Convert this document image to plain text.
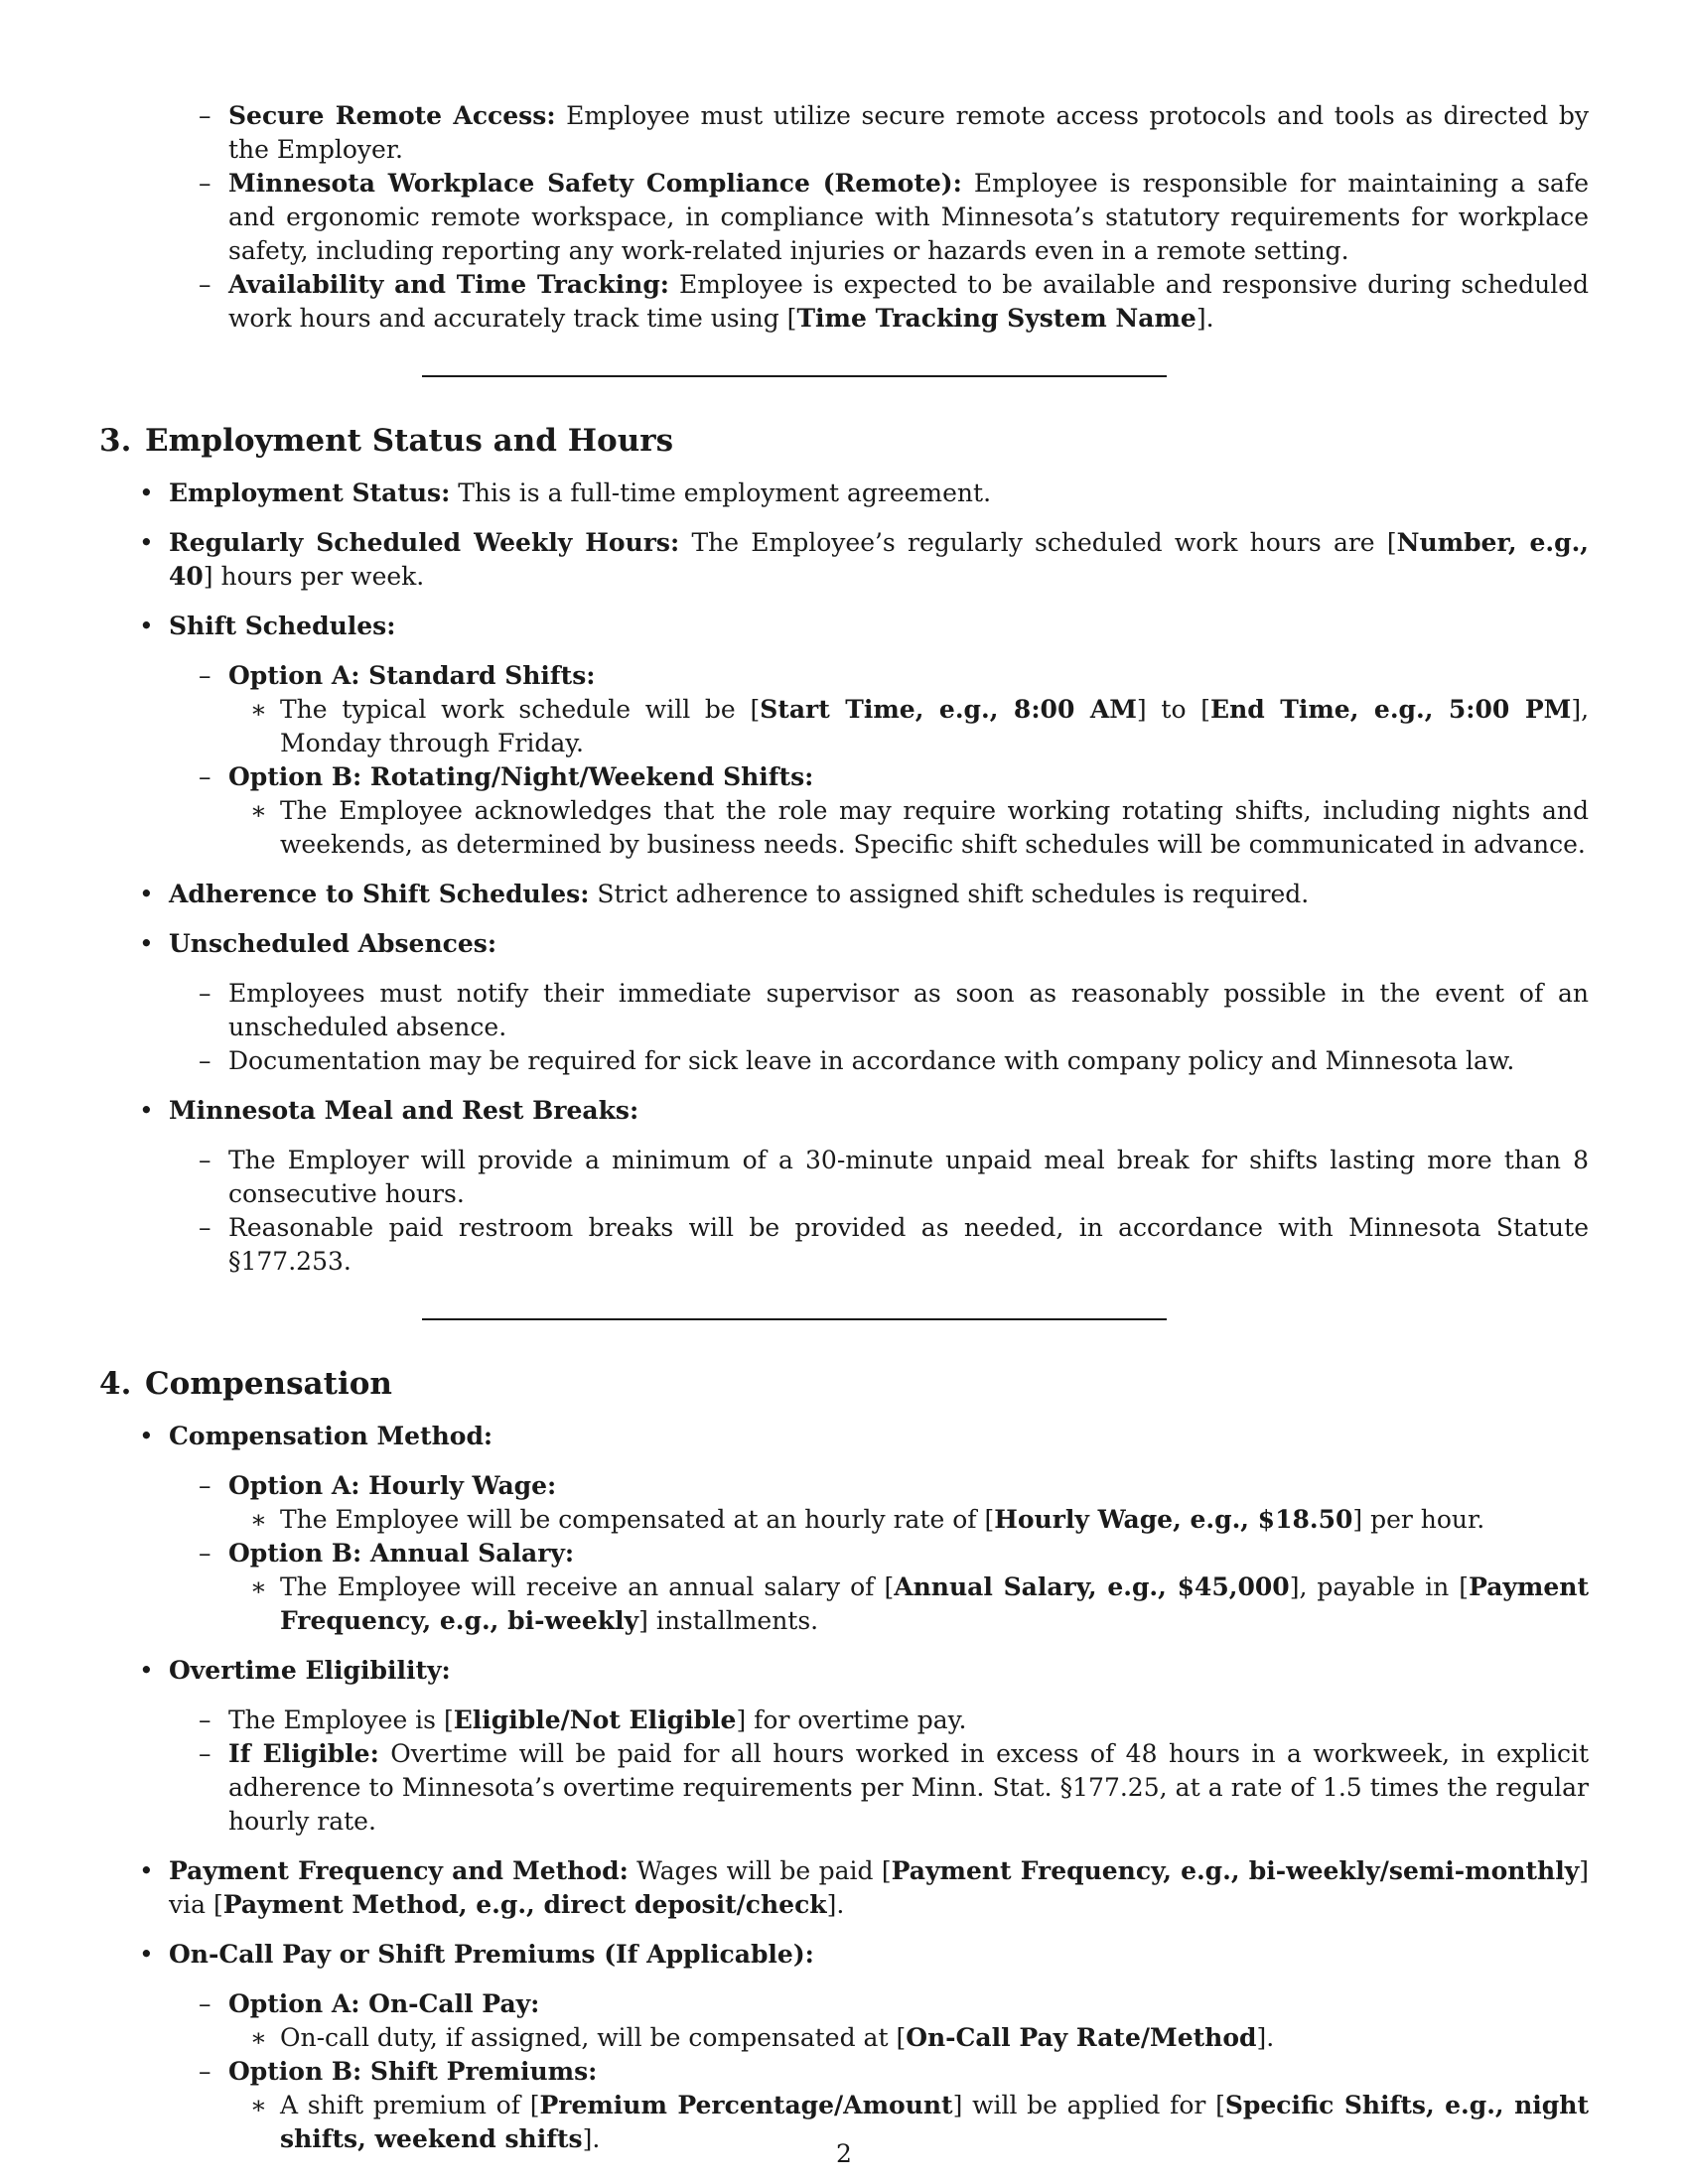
– Secure Remote Access: Employee must utilize secure remote access protocols and tools as directed by the Employer.
– Minnesota Workplace Safety Compliance (Remote): Employee is responsible for maintaining a safe and ergonomic remote workspace, in compliance with Minnesota’s statutory requirements for workplace safety, including reporting any work-related injuries or hazards even in a remote setting.
– Availability and Time Tracking: Employee is expected to be available and responsive during scheduled work hours and accurately track time using [Time Tracking System Name].
3. Employment Status and Hours
• Employment Status: This is a full-time employment agreement.
• Regularly Scheduled Weekly Hours: The Employee’s regularly scheduled work hours are [Number, e.g., 40] hours per week.
• Shift Schedules:
– Option A: Standard Shifts:
∗ The typical work schedule will be [Start Time, e.g., 8:00 AM] to [End Time, e.g., 5:00 PM], Monday through Friday.
– Option B: Rotating/Night/Weekend Shifts:
∗ The Employee acknowledges that the role may require working rotating shifts, including nights and weekends, as determined by business needs. Specific shift schedules will be communicated in advance.
• Adherence to Shift Schedules: Strict adherence to assigned shift schedules is required.
• Unscheduled Absences:
– Employees must notify their immediate supervisor as soon as reasonably possible in the event of an unscheduled absence.
– Documentation may be required for sick leave in accordance with company policy and Minnesota law.
• Minnesota Meal and Rest Breaks:
– The Employer will provide a minimum of a 30-minute unpaid meal break for shifts lasting more than 8 consecutive hours.
– Reasonable paid restroom breaks will be provided as needed, in accordance with Minnesota Statute §177.253.
4. Compensation
• Compensation Method:
– Option A: Hourly Wage:
∗ The Employee will be compensated at an hourly rate of [Hourly Wage, e.g., $18.50] per hour.
– Option B: Annual Salary:
∗ The Employee will receive an annual salary of [Annual Salary, e.g., $45,000], payable in [Payment Frequency, e.g., bi-weekly] installments.
• Overtime Eligibility:
– The Employee is [Eligible/Not Eligible] for overtime pay.
– If Eligible: Overtime will be paid for all hours worked in excess of 48 hours in a workweek, in explicit adherence to Minnesota’s overtime requirements per Minn. Stat. §177.25, at a rate of 1.5 times the regular hourly rate.
• Payment Frequency and Method: Wages will be paid [Payment Frequency, e.g., bi-weekly/semi-monthly] via [Payment Method, e.g., direct deposit/check].
• On-Call Pay or Shift Premiums (If Applicable):
– Option A: On-Call Pay:
∗ On-call duty, if assigned, will be compensated at [On-Call Pay Rate/Method].
– Option B: Shift Premiums:
∗ A shift premium of [Premium Percentage/Amount] will be applied for [Specific Shifts, e.g., night shifts, weekend shifts].
2
